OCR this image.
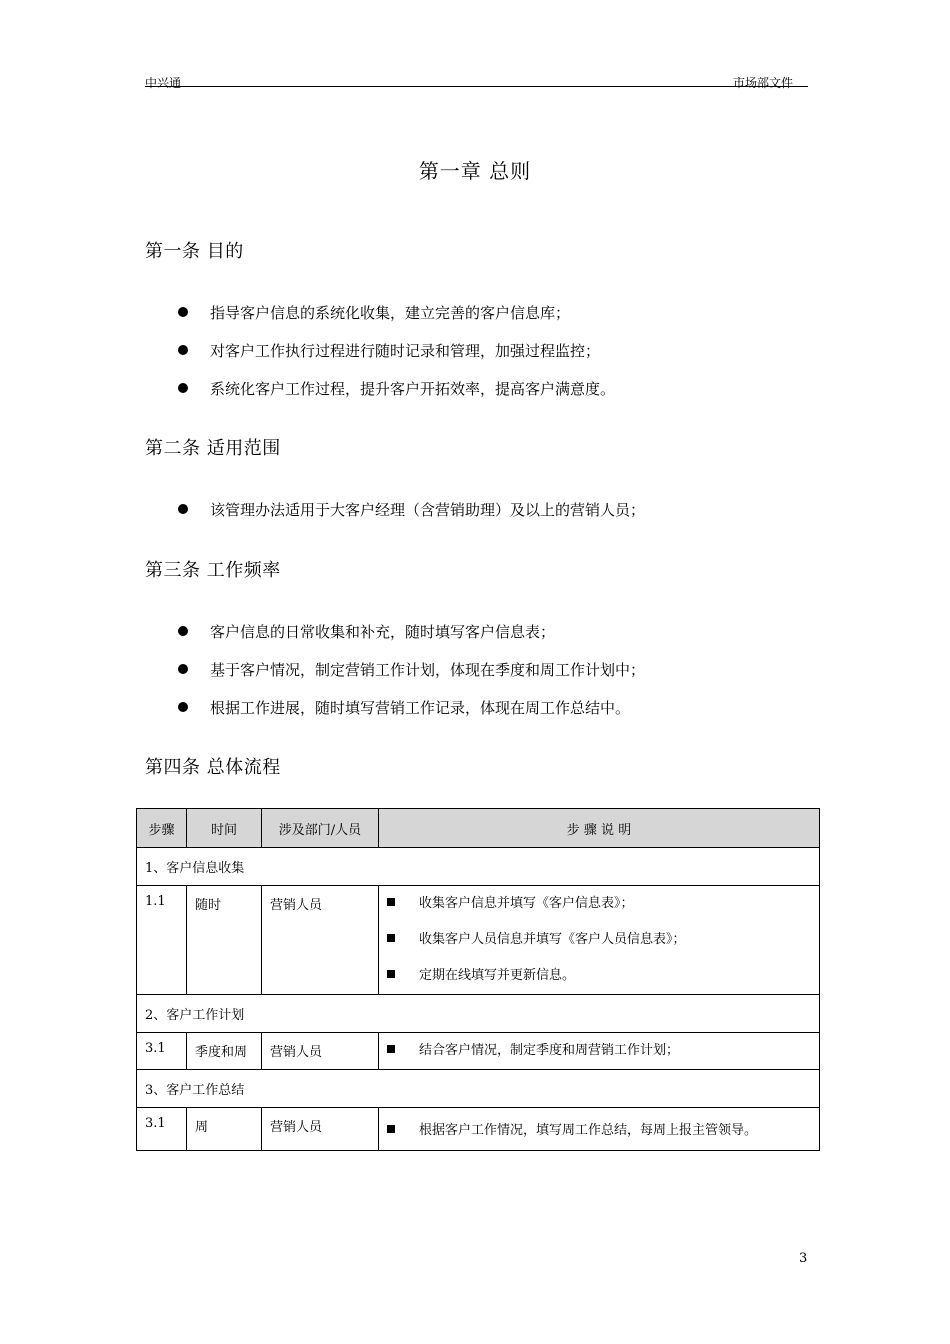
中兴通	市场部文件
第一章 总则
第一条 目的
指导客户信息的系统化收集，建立完善的客户信息库；
对客户工作执行过程进行随时记录和管理，加强过程监控；
系统化客户工作过程，提升客户开拓效率，提高客户满意度。
第二条 适用范围
该管理办法适用于大客户经理（含营销助理）及以上的营销人员；
第三条 工作频率
客户信息的日常收集和补充，随时填写客户信息表；
基于客户情况，制定营销工作计划，体现在季度和周工作计划中；
根据工作进展，随时填写营销工作记录，体现在周工作总结中。
第四条 总体流程
步骤	时间	涉及部门/人员	步 骤 说 明
1、客户信息收集			
1.1	随时	营销人员	收集客户信息并填写《客户信息表》；
收集客户人员信息并填写《客户人员信息表》；
定期在线填写并更新信息。

2、客户工作计划			
3.1	季度和周	营销人员	结合客户情况，制定季度和周营销工作计划；

3、客户工作总结			
3.1	周	营销人员	根据客户工作情况，填写周工作总结，每周上报主管领导。
3
